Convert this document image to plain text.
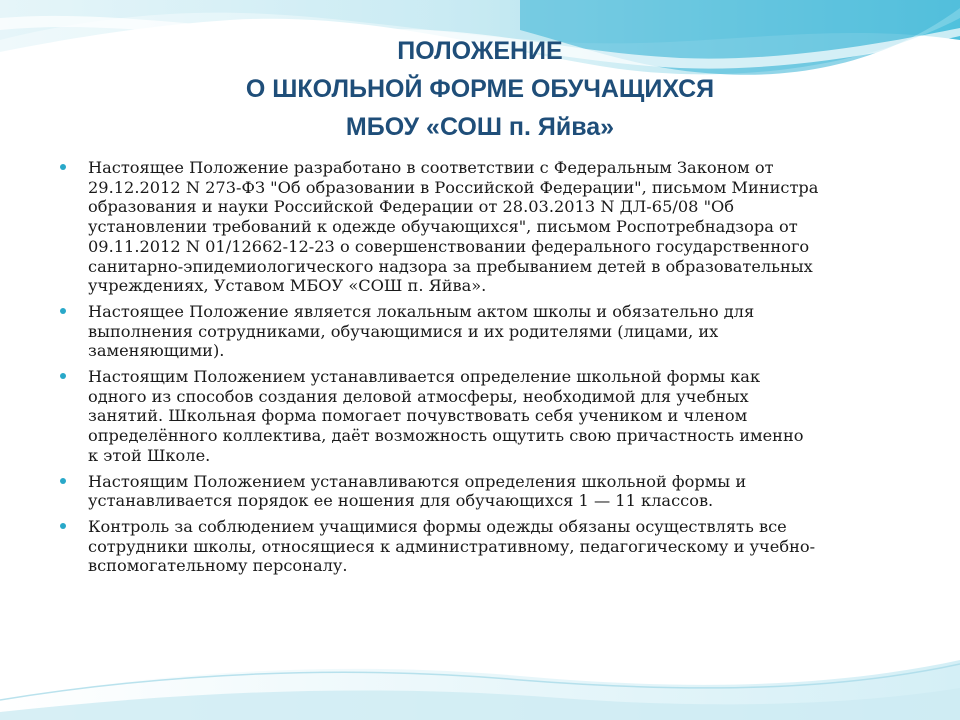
ПОЛОЖЕНИЕ
О ШКОЛЬНОЙ ФОРМЕ ОБУЧАЩИХСЯ
МБОУ «СОШ п. Яйва»
Настоящее Положение разработано в соответствии с Федеральным Законом от
29.12.2012 N 273-ФЗ "Об образовании в Российской Федерации", письмом Министра
образования и науки Российской Федерации от 28.03.2013 N ДЛ-65/08 "Об
установлении требований к одежде обучающихся", письмом Роспотребнадзора от
09.11.2012 N 01/12662-12-23 о совершенствовании федерального государственного
санитарно-эпидемиологического надзора за пребыванием детей в образовательных
учреждениях, Уставом МБОУ «СОШ п. Яйва».
Настоящее Положение является локальным актом школы и обязательно для
выполнения сотрудниками, обучающимися и их родителями (лицами, их
заменяющими).
Настоящим Положением устанавливается определение школьной формы как
одного из способов создания деловой атмосферы, необходимой для учебных
занятий. Школьная форма помогает почувствовать себя учеником и членом
определённого коллектива, даёт возможность ощутить свою причастность именно
к этой Школе.
Настоящим Положением устанавливаются определения школьной формы и
устанавливается порядок ее ношения для обучающихся 1 — 11 классов.
Контроль за соблюдением учащимися формы одежды обязаны осуществлять все
сотрудники школы, относящиеся к административному, педагогическому и учебно-
вспомогательному персоналу.
